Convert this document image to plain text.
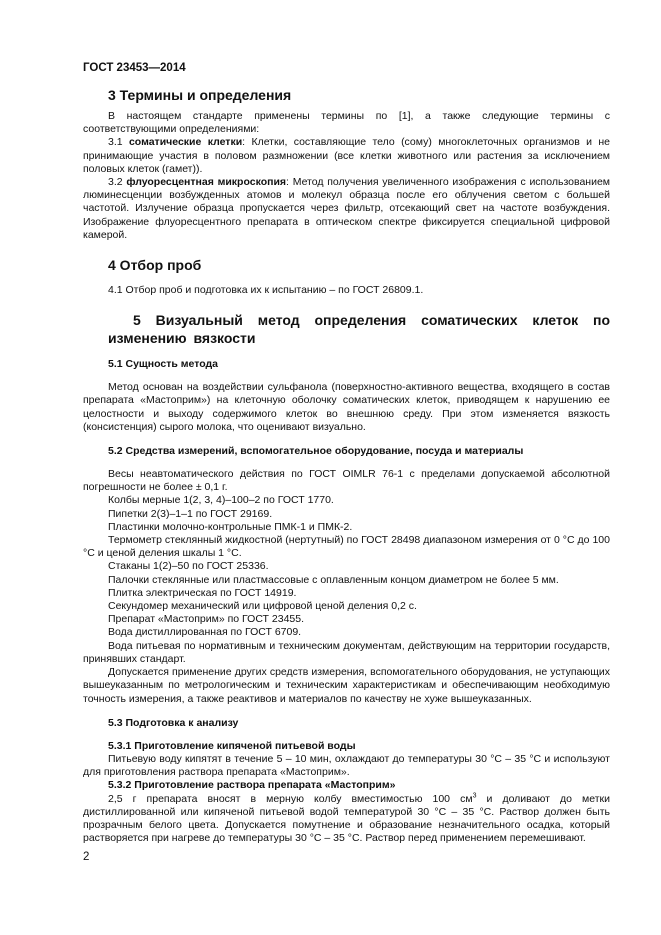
ГОСТ 23453—2014
3 Термины и определения

В настоящем стандарте применены термины по [1], а также следующие термины с соответствующими определениями:

3.1 соматические клетки: Клетки, составляющие тело (сому) многоклеточных организмов и не принимающие участия в половом размножении (все клетки животного или растения за исключением половых клеток (гамет)).

3.2 флуоресцентная микроскопия: Метод получения увеличенного изображения с использованием люминесценции возбужденных атомов и молекул образца после его облучения светом с большей частотой. Излучение образца пропускается через фильтр, отсекающий свет на частоте возбуждения. Изображение флуоресцентного препарата в оптическом спектре фиксируется специальной цифровой камерой.

4 Отбор проб

4.1 Отбор проб и подготовка их к испытанию – по ГОСТ 26809.1.

5 Визуальный метод определения соматических клеток по изменению вязкости
5.1 Сущность метода

Метод основан на воздействии сульфанола (поверхностно-активного вещества, входящего в состав препарата «Мастоприм») на клеточную оболочку соматических клеток, приводящем к нарушению ее целостности и выходу содержимого клеток во внешнюю среду. При этом изменяется вязкость (консистенция) сырого молока, что оценивают визуально.

5.2 Средства измерений, вспомогательное оборудование, посуда и материалы

Весы неавтоматического действия по ГОСТ OIMLR 76-1 с пределами допускаемой абсолютной погрешности не более ± 0,1 г.

Колбы мерные 1(2, 3, 4)–100–2 по ГОСТ 1770.

Пипетки 2(3)–1–1 по ГОСТ 29169.

Пластинки молочно-контрольные ПМК-1 и ПМК-2.

Термометр стеклянный жидкостной (нертутный) по ГОСТ 28498 диапазоном измерения от 0 °С до 100 °С и ценой деления шкалы 1 °С.

Стаканы 1(2)–50 по ГОСТ 25336.

Палочки стеклянные или пластмассовые с оплавленным концом диаметром не более 5 мм.

Плитка электрическая по ГОСТ 14919.

Секундомер механический или цифровой ценой деления 0,2 с.

Препарат «Мастоприм» по ГОСТ 23455.

Вода дистиллированная по ГОСТ 6709.

Вода питьевая по нормативным и техническим документам, действующим на территории государств, принявших стандарт.

Допускается применение других средств измерения, вспомогательного оборудования, не уступающих вышеуказанным по метрологическим и техническим характеристикам и обеспечивающим необходимую точность измерения, а также реактивов и материалов по качеству не хуже вышеуказанных.

5.3 Подготовка к анализу
5.3.1 Приготовление кипяченой питьевой воды

Питьевую воду кипятят в течение 5 – 10 мин, охлаждают до температуры 30 °С – 35 °С и используют для приготовления раствора препарата «Мастоприм».

5.3.2 Приготовление раствора препарата «Мастоприм»

2,5 г препарата вносят в мерную колбу вместимостью 100 $см^3$ и доливают до метки дистиллированной или кипяченой питьевой водой температурой 30 °С – 35 °С. Раствор должен быть прозрачным белого цвета. Допускается помутнение и образование незначительного осадка, который растворяется при нагреве до температуры 30 °С – 35 °С. Раствор перед применением перемешивают.

2
